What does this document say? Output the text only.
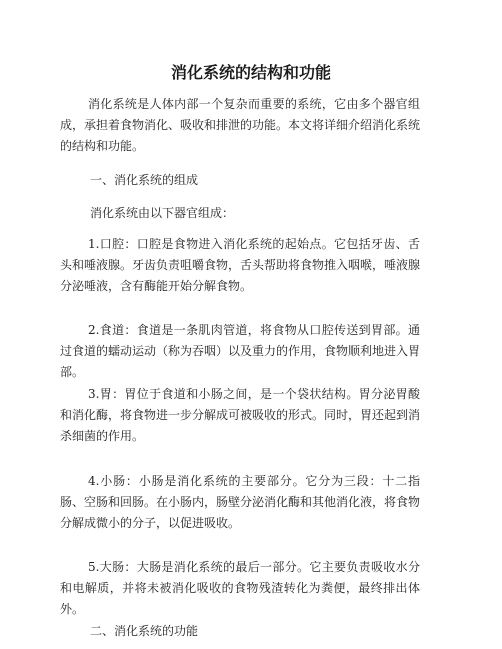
消化系统的结构和功能

消化系统是人体内部一个复杂而重要的系统，它由多个器官组成，承担着食物消化、吸收和排泄的功能。本文将详细介绍消化系统的结构和功能。

一、消化系统的组成

消化系统由以下器官组成：

1.口腔：口腔是食物进入消化系统的起始点。它包括牙齿、舌头和唾液腺。牙齿负责咀嚼食物，舌头帮助将食物推入咽喉，唾液腺分泌唾液，含有酶能开始分解食物。

2.食道：食道是一条肌肉管道，将食物从口腔传送到胃部。通过食道的蠕动运动（称为吞咽）以及重力的作用，食物顺利地进入胃部。

3.胃：胃位于食道和小肠之间，是一个袋状结构。胃分泌胃酸和消化酶，将食物进一步分解成可被吸收的形式。同时，胃还起到消杀细菌的作用。

4.小肠：小肠是消化系统的主要部分。它分为三段：十二指肠、空肠和回肠。在小肠内，肠壁分泌消化酶和其他消化液，将食物分解成微小的分子，以促进吸收。

5.大肠：大肠是消化系统的最后一部分。它主要负责吸收水分和电解质，并将未被消化吸收的食物残渣转化为粪便，最终排出体外。

二、消化系统的功能
